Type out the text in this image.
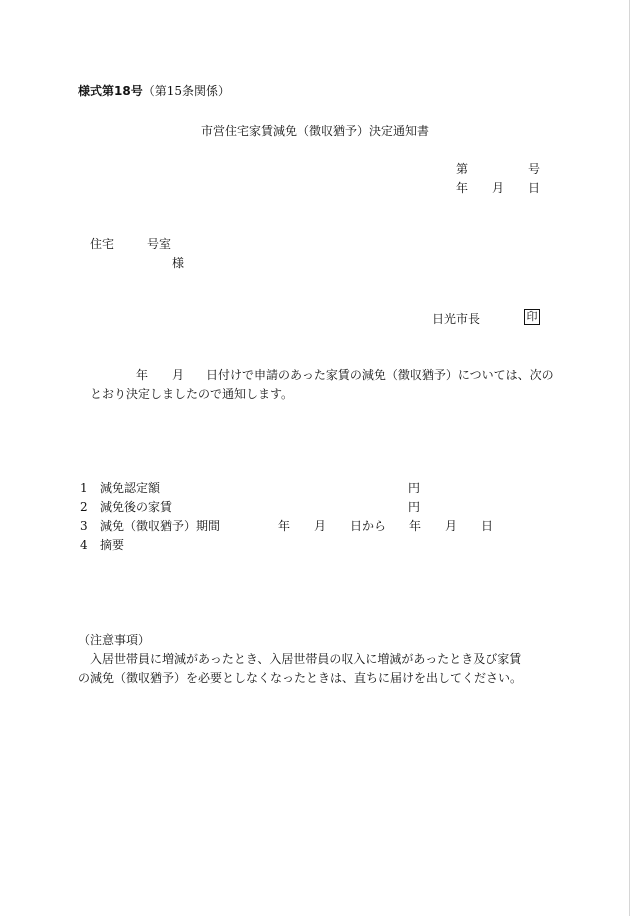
様式第18号（第15条関係）
市営住宅家賃減免（徴収猶予）決定通知書
第	号
年 月 日
住宅	号室
様
日光市長	印
年 月 日付けで申請のあった家賃の減免（徴収猶予）については、次の
とおり決定しましたので通知します。
1 減免認定額	円
2 減免後の家賃	円
3 減免（徴収猶予）期間	年 月 日から 年 月 日
4 摘要
（注意事項）
入居世帯員に増減があったとき、入居世帯員の収入に増減があったとき及び家賃
の減免（徴収猶予）を必要としなくなったときは、直ちに届けを出してください。
